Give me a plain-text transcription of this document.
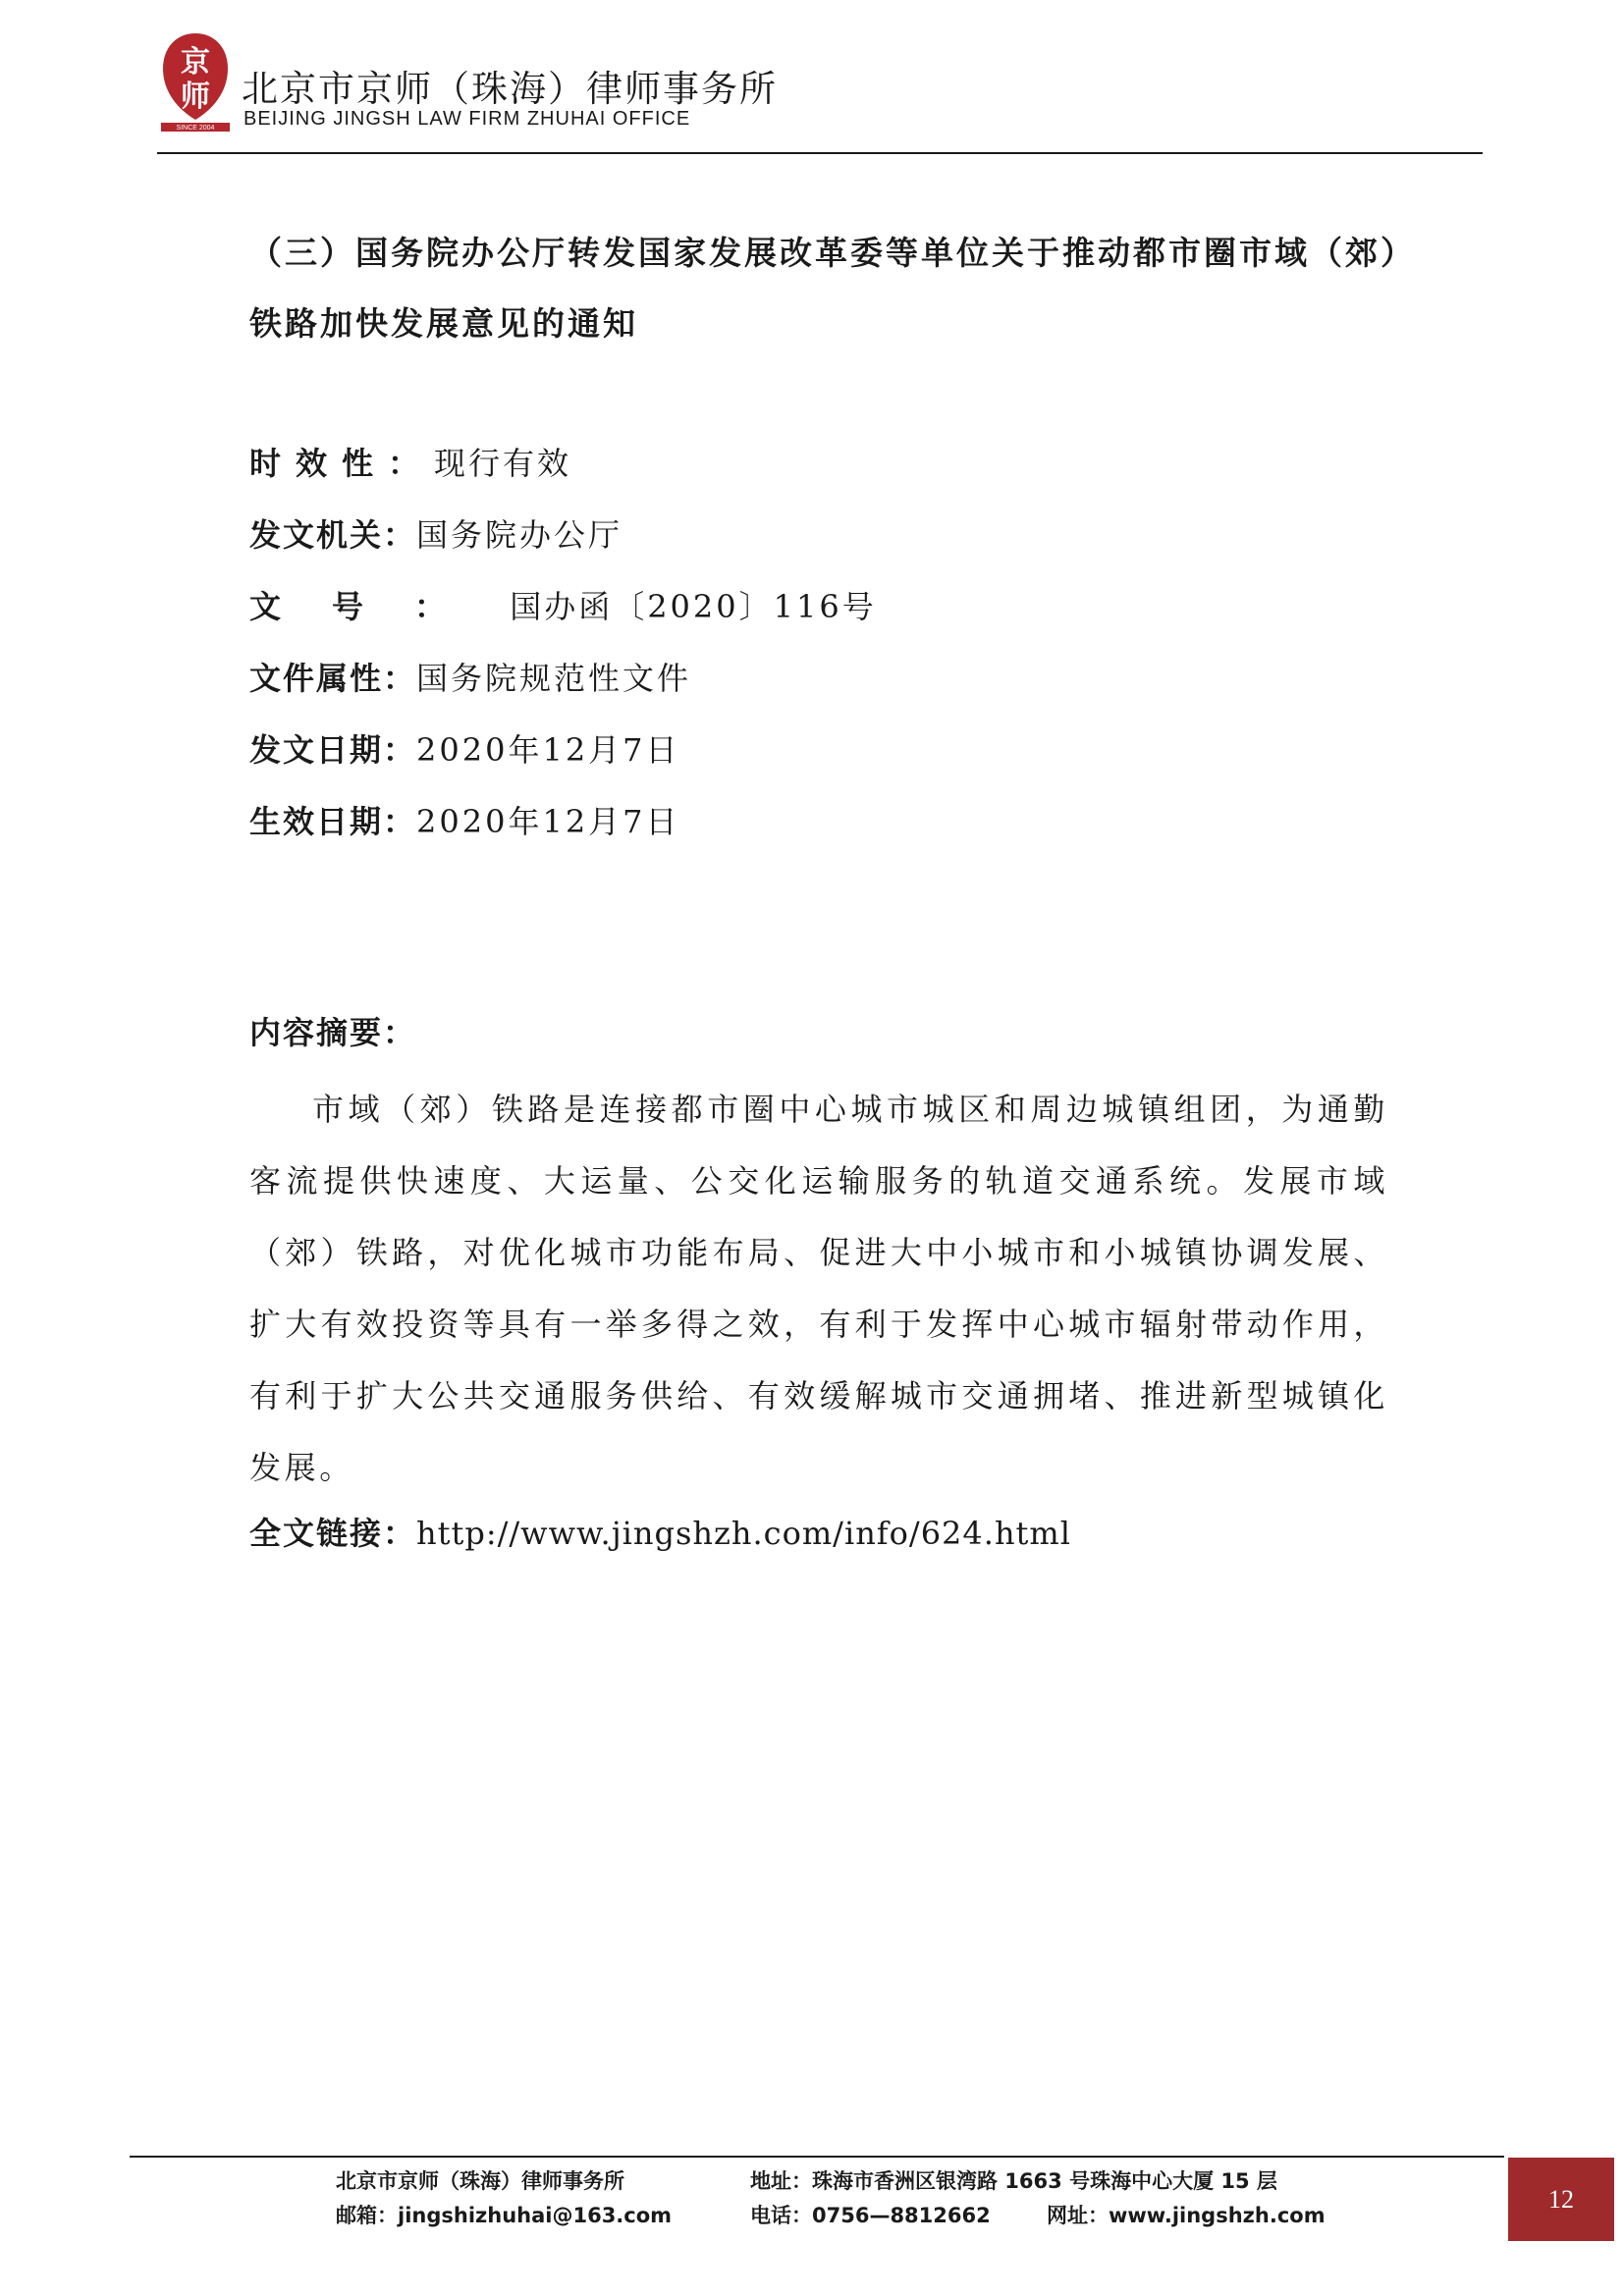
京
师
SINCE 2004
北京市京师（珠海）律师事务所
BEIJING JINGSH LAW FIRM ZHUHAI OFFICE
（三）国务院办公厅转发国家发展改革委等单位关于推动都市圈市域（郊）铁路加快发展意见的通知
时效性：现行有效
发文机关：国务院办公厅
文号： 国办函〔2020〕116号
文件属性：国务院规范性文件
发文日期：2020年12月7日
生效日期：2020年12月7日

内容摘要：

市域（郊）铁路是连接都市圈中心城市城区和周边城镇组团，为通勤客流提供快速度、大运量、公交化运输服务的轨道交通系统。发展市域（郊）铁路，对优化城市功能布局、促进大中小城市和小城镇协调发展、扩大有效投资等具有一举多得之效，有利于发挥中心城市辐射带动作用，有利于扩大公共交通服务供给、有效缓解城市交通拥堵、推进新型城镇化发展。

全文链接：http://www.jingshzh.com/info/624.html

北京市京师（珠海）律师事务所	地址：珠海市香洲区银湾路 1663 号珠海中心大厦 15 层
邮箱：jingshizhuhai@163.com	电话：0756—8812662	网址：www.jingshzh.com
12
